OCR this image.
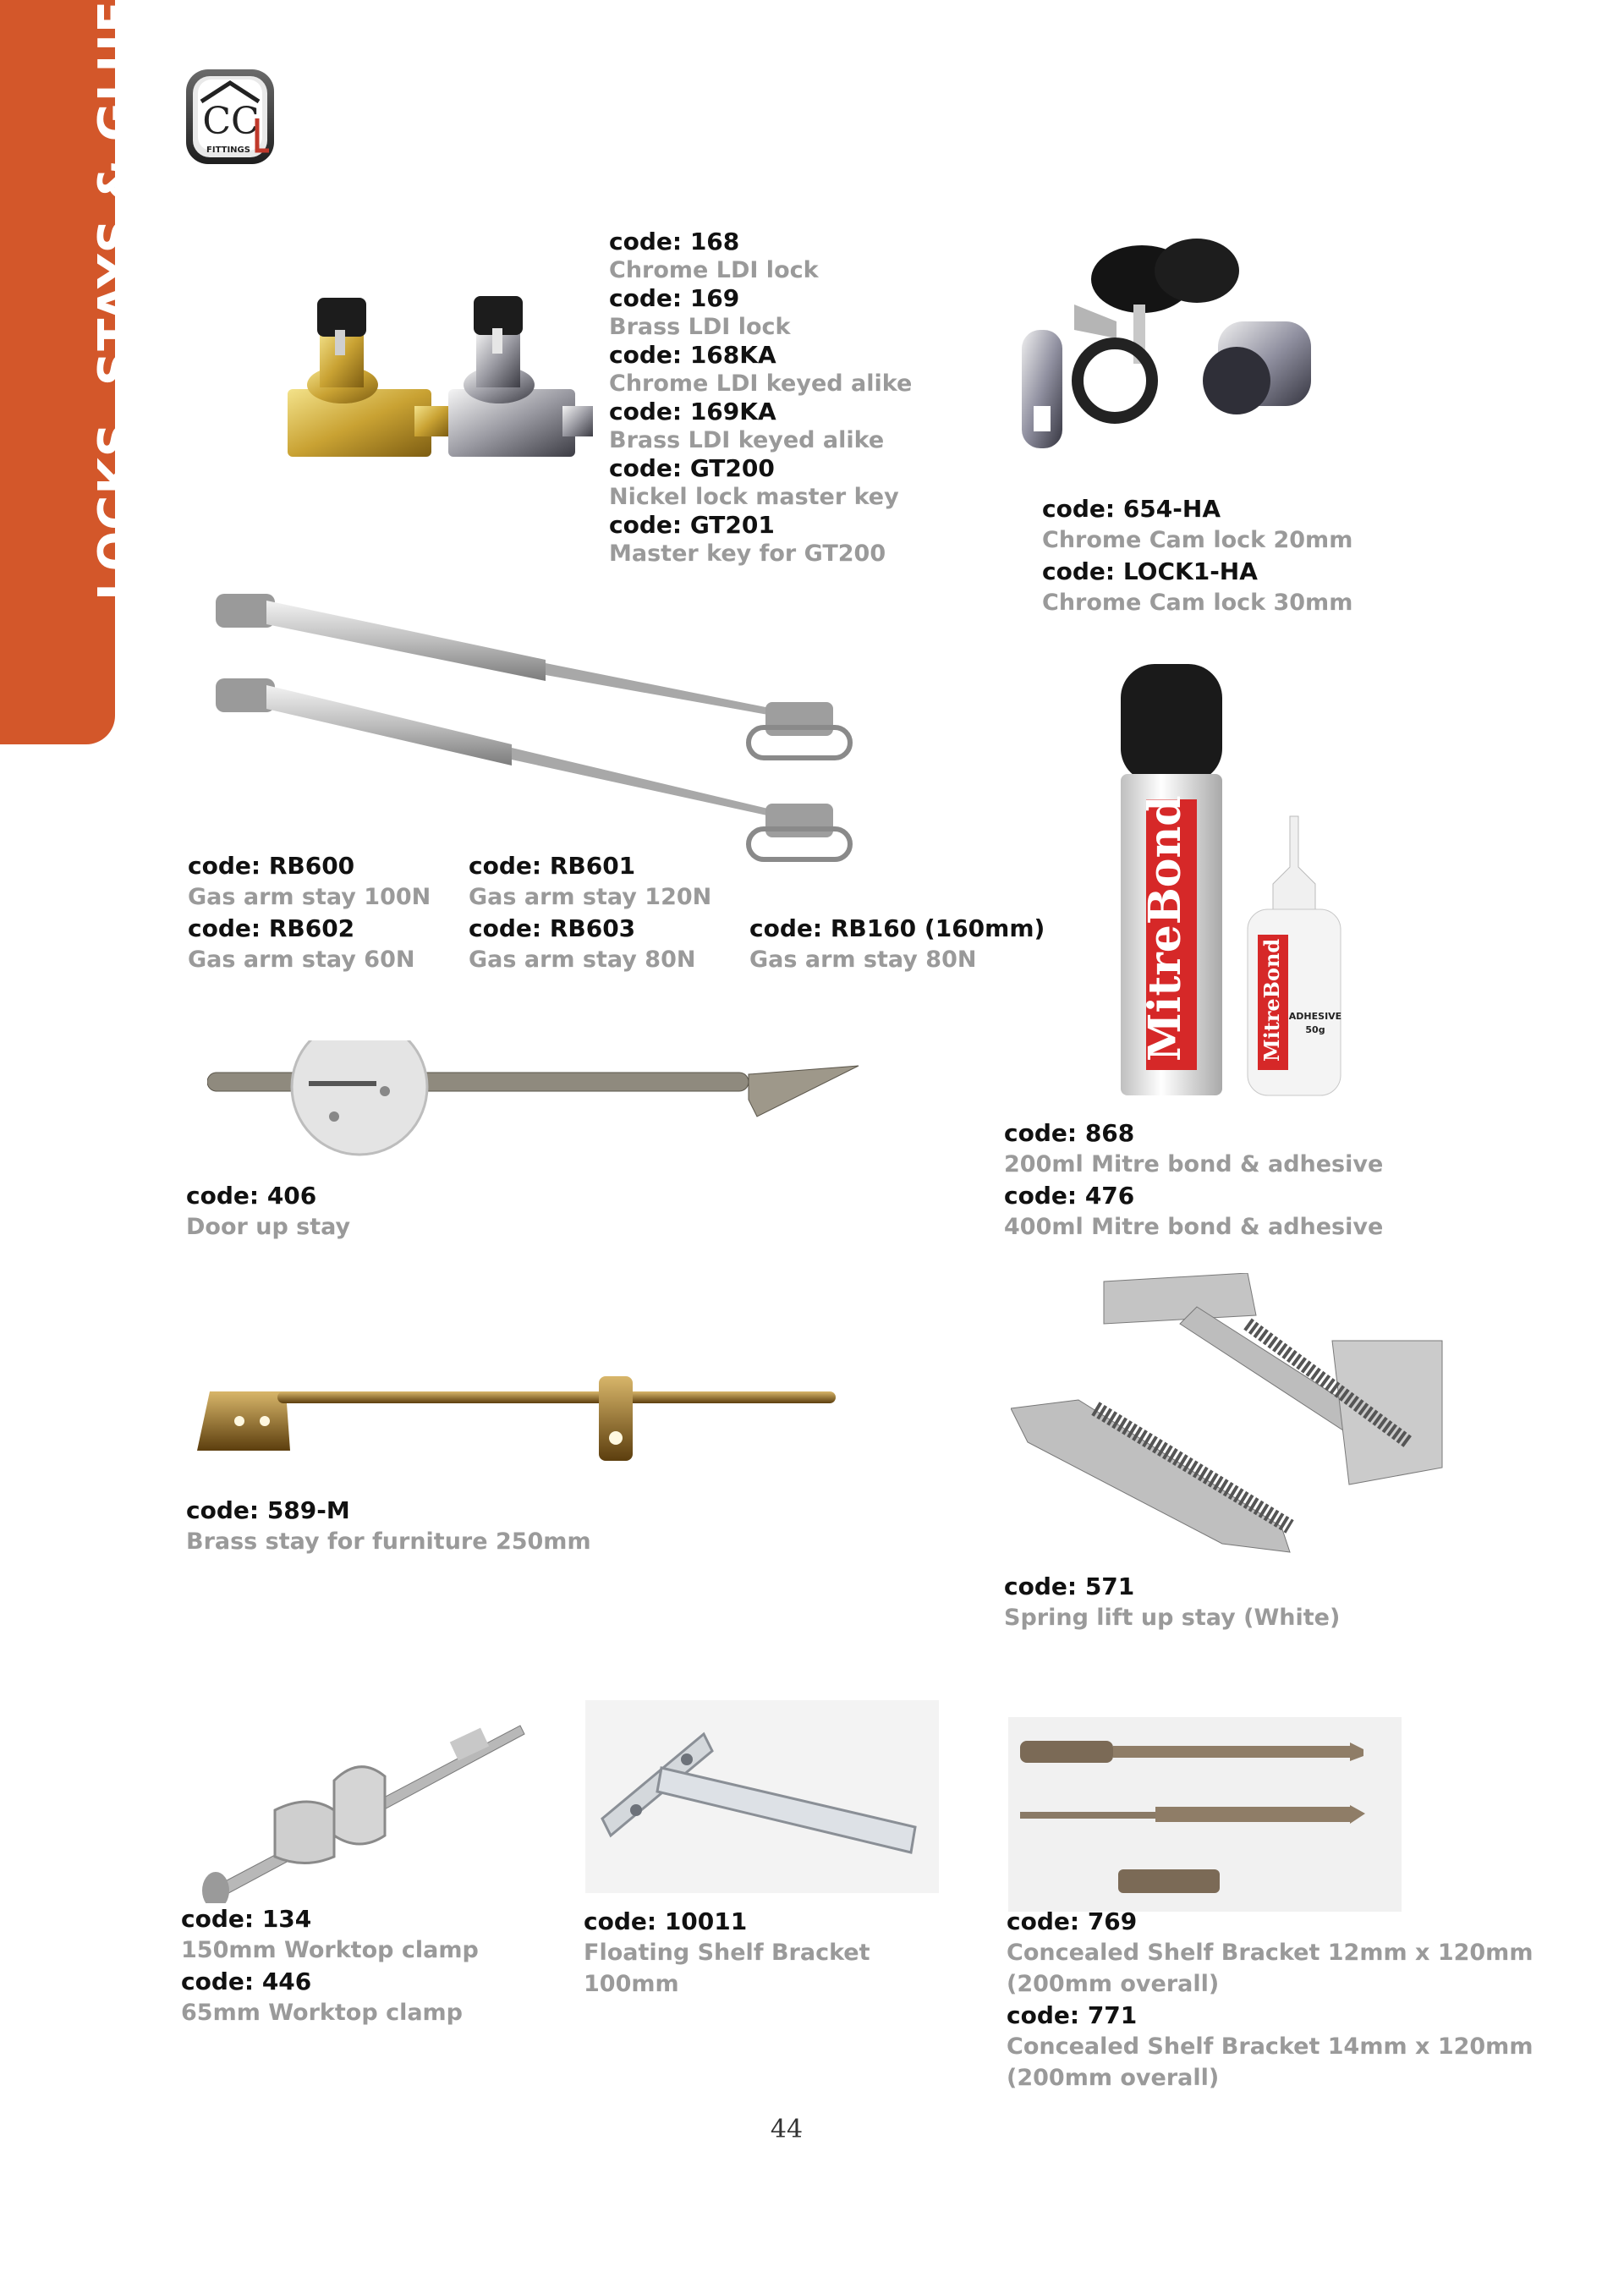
LOCKS, STAYS & GLUE CC
FITTINGS
code: 168
Chrome LDI lock
code: 169
Brass LDI lock
code: 168KA
Chrome LDI keyed alike
code: 169KA
Brass LDI keyed alike
code: GT200
Nickel lock master key
code: GT201
Master key for GT200
code: 654-HA
Chrome Cam lock 20mm
code: LOCK1-HA
Chrome Cam lock 30mm
code: RB600
Gas arm stay 100N
code: RB602
Gas arm stay 60N
code: RB601
Gas arm stay 120N
code: RB603
Gas arm stay 80N
code: RB160 (160mm)
Gas arm stay 80N	MitreBond	MitreBond ADHESIVE
50g
code: 868
200ml Mitre bond & adhesive
code: 476
400ml Mitre bond & adhesive
code: 406
Door up stay
code: 589-M
Brass stay for furniture 250mm
code: 571
Spring lift up stay (White)
code: 134
150mm Worktop clamp
code: 446
65mm Worktop clamp
code: 10011
Floating Shelf Bracket
100mm
code: 769
Concealed Shelf Bracket 12mm x 120mm
(200mm overall)
code: 771
Concealed Shelf Bracket 14mm x 120mm
(200mm overall)
44
